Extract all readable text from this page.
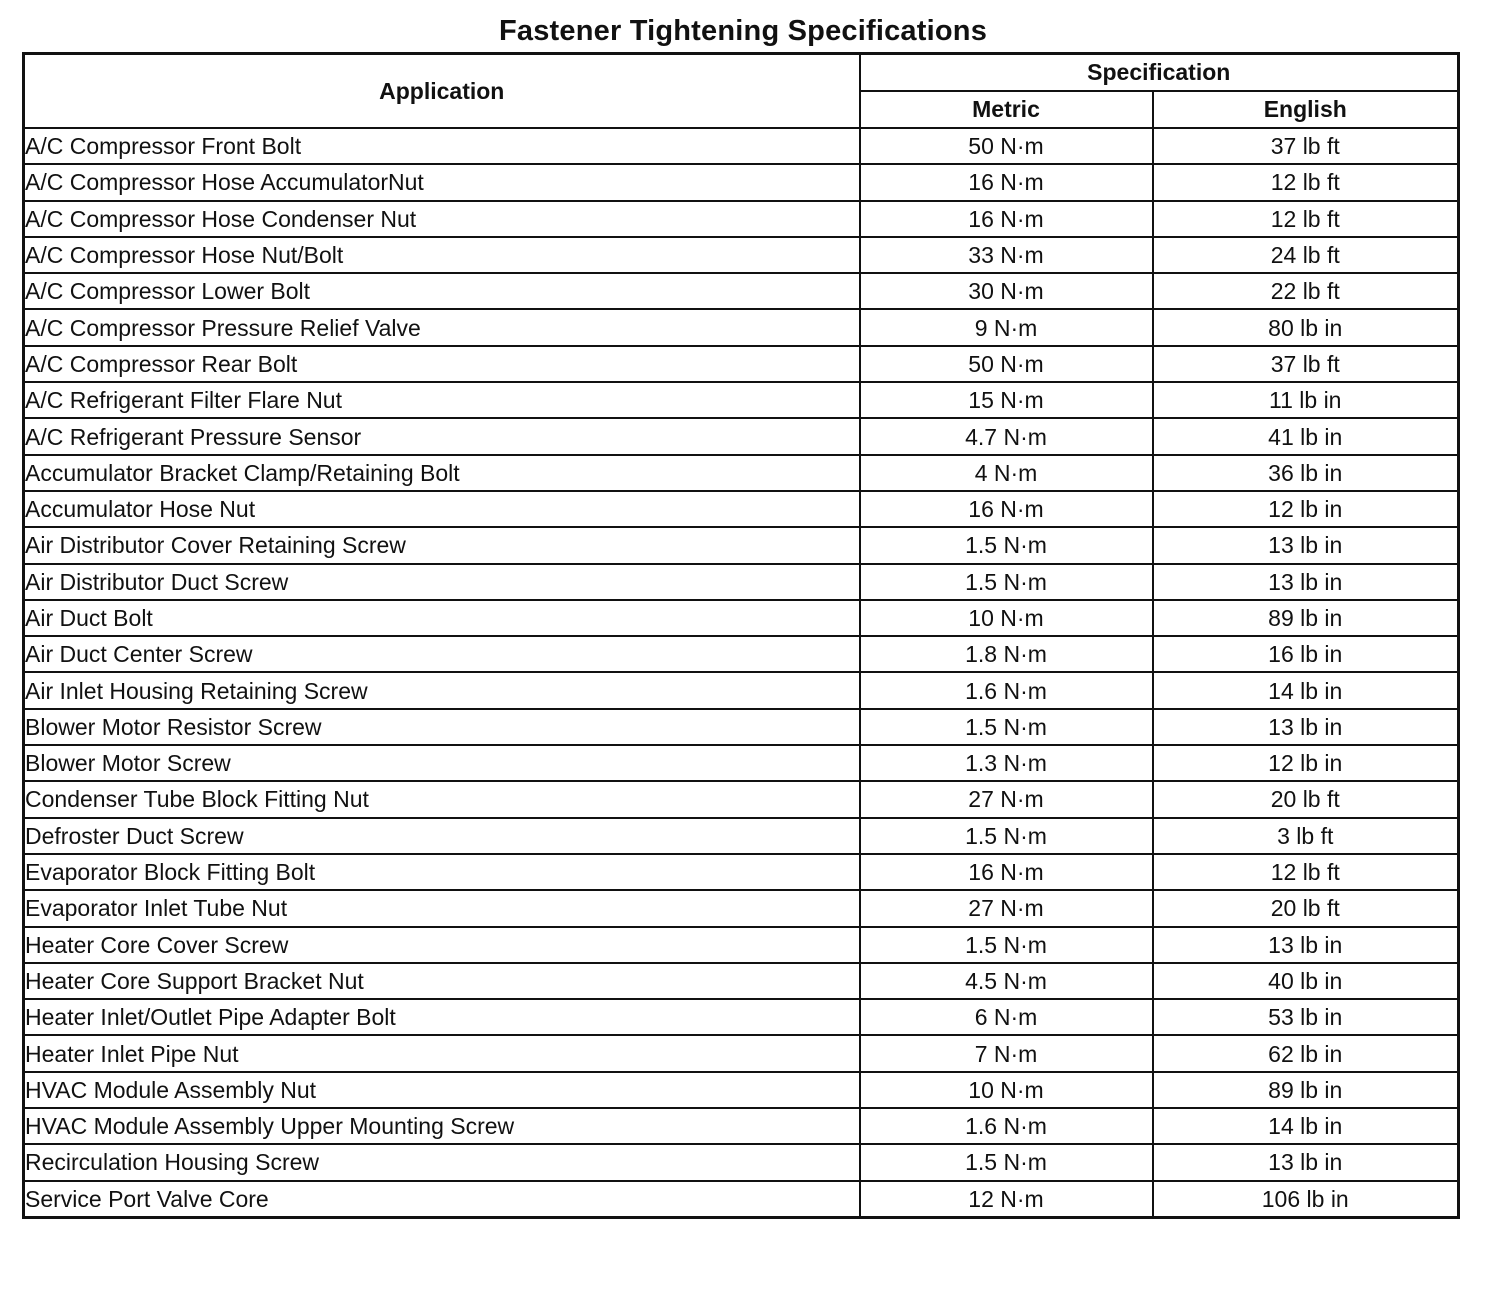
Fastener Tightening Specifications
Application	Specification	
	Metric	English
A/C Compressor Front Bolt	50 N·m	37 lb ft
A/C Compressor Hose AccumulatorNut	16 N·m	12 lb ft
A/C Compressor Hose Condenser Nut	16 N·m	12 lb ft
A/C Compressor Hose Nut/Bolt	33 N·m	24 lb ft
A/C Compressor Lower Bolt	30 N·m	22 lb ft
A/C Compressor Pressure Relief Valve	9 N·m	80 lb in
A/C Compressor Rear Bolt	50 N·m	37 lb ft
A/C Refrigerant Filter Flare Nut	15 N·m	11 lb in
A/C Refrigerant Pressure Sensor	4.7 N·m	41 lb in
Accumulator Bracket Clamp/Retaining Bolt	4 N·m	36 lb in
Accumulator Hose Nut	16 N·m	12 lb in
Air Distributor Cover Retaining Screw	1.5 N·m	13 lb in
Air Distributor Duct Screw	1.5 N·m	13 lb in
Air Duct Bolt	10 N·m	89 lb in
Air Duct Center Screw	1.8 N·m	16 lb in
Air Inlet Housing Retaining Screw	1.6 N·m	14 lb in
Blower Motor Resistor Screw	1.5 N·m	13 lb in
Blower Motor Screw	1.3 N·m	12 lb in
Condenser Tube Block Fitting Nut	27 N·m	20 lb ft
Defroster Duct Screw	1.5 N·m	3 lb ft
Evaporator Block Fitting Bolt	16 N·m	12 lb ft
Evaporator Inlet Tube Nut	27 N·m	20 lb ft
Heater Core Cover Screw	1.5 N·m	13 lb in
Heater Core Support Bracket Nut	4.5 N·m	40 lb in
Heater Inlet/Outlet Pipe Adapter Bolt	6 N·m	53 lb in
Heater Inlet Pipe Nut	7 N·m	62 lb in
HVAC Module Assembly Nut	10 N·m	89 lb in
HVAC Module Assembly Upper Mounting Screw	1.6 N·m	14 lb in
Recirculation Housing Screw	1.5 N·m	13 lb in
Service Port Valve Core	12 N·m	106 lb in
